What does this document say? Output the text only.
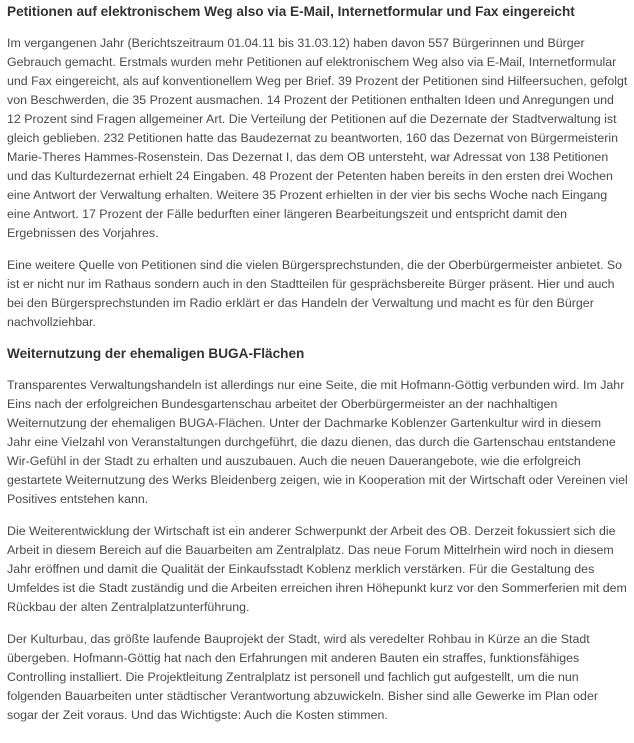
Petitionen auf elektronischem Weg also via E-Mail, Internetformular und Fax eingereicht

Im vergangenen Jahr (Berichtszeitraum 01.04.11 bis 31.03.12) haben davon 557 Bürgerinnen und Bürger Gebrauch gemacht. Erstmals wurden mehr Petitionen auf elektronischem Weg also via E-Mail, Internetformular und Fax eingereicht, als auf konventionellem Weg per Brief. 39 Prozent der Petitionen sind Hilfeersuchen, gefolgt von Beschwerden, die 35 Prozent ausmachen. 14 Prozent der Petitionen enthalten Ideen und Anregungen und 12 Prozent sind Fragen allgemeiner Art. Die Verteilung der Petitionen auf die Dezernate der Stadtverwaltung ist gleich geblieben. 232 Petitionen hatte das Baudezernat zu beantworten, 160 das Dezernat von Bürgermeisterin Marie-Theres Hammes-Rosenstein. Das Dezernat I, das dem OB untersteht, war Adressat von 138 Petitionen und das Kulturdezernat erhielt 24 Eingaben. 48 Prozent der Petenten haben bereits in den ersten drei Wochen eine Antwort der Verwaltung erhalten. Weitere 35 Prozent erhielten in der vier bis sechs Woche nach Eingang eine Antwort. 17 Prozent der Fälle bedurften einer längeren Bearbeitungszeit und entspricht damit den Ergebnissen des Vorjahres.

Eine weitere Quelle von Petitionen sind die vielen Bürgersprechstunden, die der Oberbürgermeister anbietet. So ist er nicht nur im Rathaus sondern auch in den Stadtteilen für gesprächsbereite Bürger präsent. Hier und auch bei den Bürgersprechstunden im Radio erklärt er das Handeln der Verwaltung und macht es für den Bürger nachvollziehbar.

Weiternutzung der ehemaligen BUGA-Flächen

Transparentes Verwaltungshandeln ist allerdings nur eine Seite, die mit Hofmann-Göttig verbunden wird. Im Jahr Eins nach der erfolgreichen Bundesgartenschau arbeitet der Oberbürgermeister an der nachhaltigen Weiternutzung der ehemaligen BUGA-Flächen. Unter der Dachmarke Koblenzer Gartenkultur wird in diesem Jahr eine Vielzahl von Veranstaltungen durchgeführt, die dazu dienen, das durch die Gartenschau entstandene Wir-Gefühl in der Stadt zu erhalten und auszubauen. Auch die neuen Dauerangebote, wie die erfolgreich gestartete Weiternutzung des Werks Bleidenberg zeigen, wie in Kooperation mit der Wirtschaft oder Vereinen viel Positives entstehen kann.

Die Weiterentwicklung der Wirtschaft ist ein anderer Schwerpunkt der Arbeit des OB. Derzeit fokussiert sich die Arbeit in diesem Bereich auf die Bauarbeiten am Zentralplatz. Das neue Forum Mittelrhein wird noch in diesem Jahr eröffnen und damit die Qualität der Einkaufsstadt Koblenz merklich verstärken. Für die Gestaltung des Umfeldes ist die Stadt zuständig und die Arbeiten erreichen ihren Höhepunkt kurz vor den Sommerferien mit dem Rückbau der alten Zentralplatzunterführung.

Der Kulturbau, das größte laufende Bauprojekt der Stadt, wird als veredelter Rohbau in Kürze an die Stadt übergeben. Hofmann-Göttig hat nach den Erfahrungen mit anderen Bauten ein straffes, funktionsfähiges Controlling installiert. Die Projektleitung Zentralplatz ist personell und fachlich gut aufgestellt, um die nun folgenden Bauarbeiten unter städtischer Verantwortung abzuwickeln. Bisher sind alle Gewerke im Plan oder sogar der Zeit voraus. Und das Wichtigste: Auch die Kosten stimmen.
